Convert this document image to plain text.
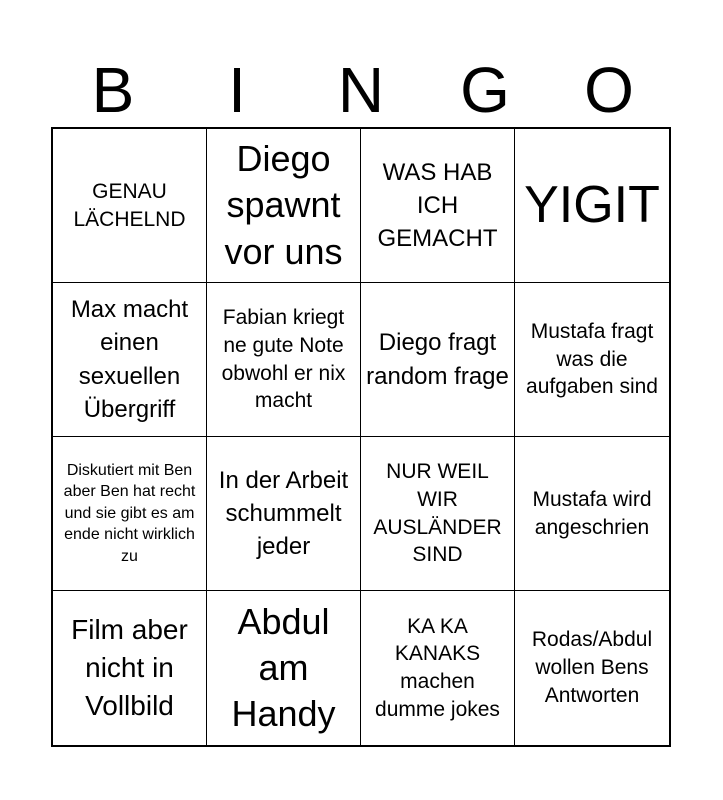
B	I	N	G	O
GENAU LÄCHELND
Diego spawnt vor uns
WAS HAB ICH GEMACHT
YIGIT
Max macht einen sexuellen Übergriff
Fabian kriegt ne gute Note obwohl er nix macht
Diego fragt random frage
Mustafa fragt was die aufgaben sind
Diskutiert mit Ben aber Ben hat recht und sie gibt es am ende nicht wirklich zu
In der Arbeit schummelt jeder
NUR WEIL WIR AUSLÄNDER SIND
Mustafa wird angeschrien
Film aber nicht in Vollbild
Abdul am Handy
KA KA KANAKS machen dumme jokes
Rodas/Abdul wollen Bens Antworten
